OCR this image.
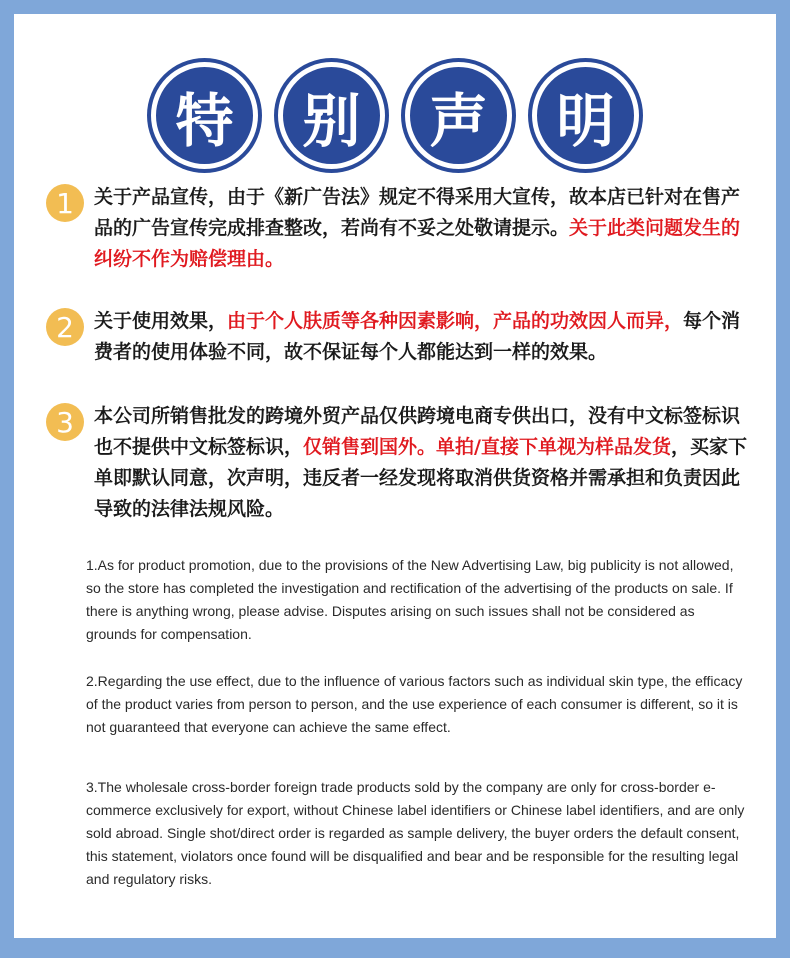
特	别	声	明
1	关于产品宣传，由于《新广告法》规定不得采用大宣传，故本店已针对在售产品的广告宣传完成排查整改，若尚有不妥之处敬请提示。关于此类问题发生的纠纷不作为赔偿理由。
2	关于使用效果，由于个人肤质等各种因素影响，产品的功效因人而异，每个消费者的使用体验不同，故不保证每个人都能达到一样的效果。
3	本公司所销售批发的跨境外贸产品仅供跨境电商专供出口，没有中文标签标识也不提供中文标签标识，仅销售到国外。单拍/直接下单视为样品发货，买家下单即默认同意，次声明，违反者一经发现将取消供货资格并需承担和负责因此导致的法律法规风险。
1.As for product promotion, due to the provisions of the New Advertising Law, big publicity is not allowed, so the store has completed the investigation and rectification of the advertising of the products on sale. If there is anything wrong, please advise. Disputes arising on such issues shall not be considered as grounds for compensation.
2.Regarding the use effect, due to the influence of various factors such as individual skin type, the efficacy of the product varies from person to person, and the use experience of each consumer is different, so it is not guaranteed that everyone can achieve the same effect.
3.The wholesale cross-border foreign trade products sold by the company are only for cross-border e-commerce exclusively for export, without Chinese label identifiers or Chinese label identifiers, and are only sold abroad. Single shot/direct order is regarded as sample delivery, the buyer orders the default consent, this statement, violators once found will be disqualified and bear and be responsible for the resulting legal and regulatory risks.
